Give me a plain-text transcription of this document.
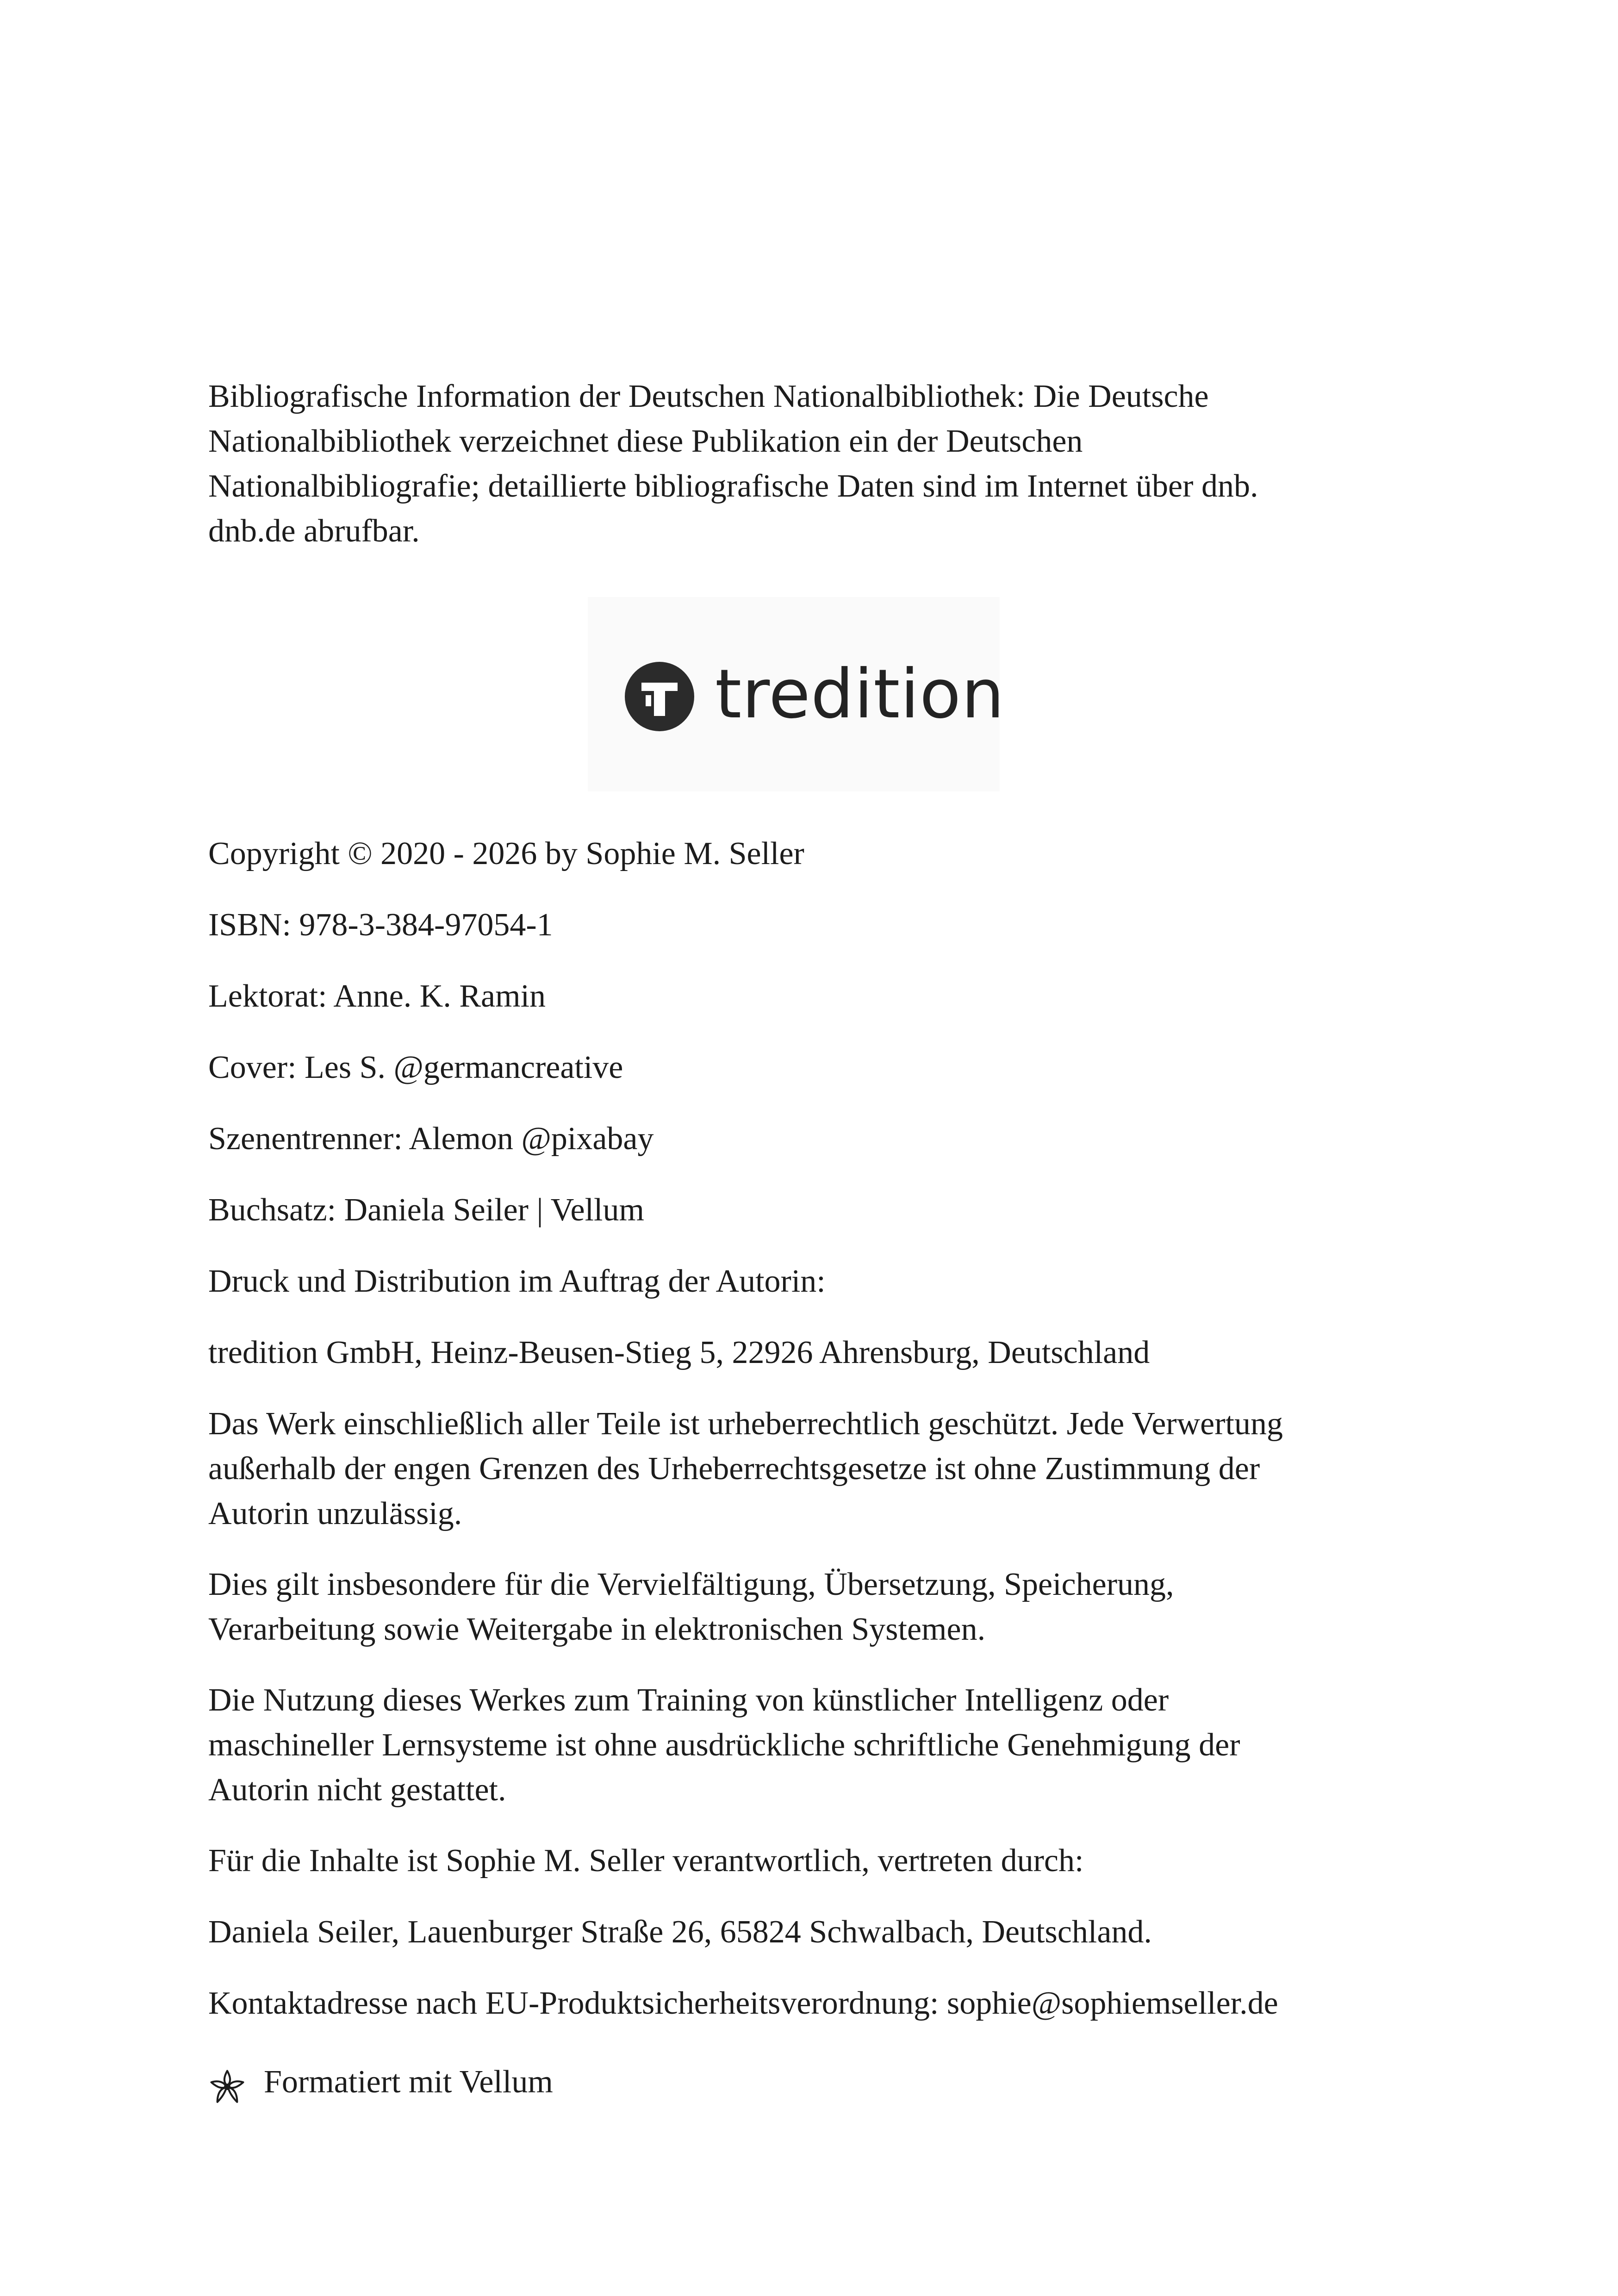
Bibliografische Information der Deutschen Nationalbibliothek: Die Deutsche
Nationalbibliothek verzeichnet diese Publikation ein der Deutschen
Nationalbibliografie; detaillierte bibliografische Daten sind im Internet über dnb.
dnb.de abrufbar.

tredition

Copyright © 2020 - 2026 by Sophie M. Seller

ISBN: 978-3-384-97054-1

Lektorat: Anne. K. Ramin

Cover: Les S. @germancreative

Szenentrenner: Alemon @pixabay

Buchsatz: Daniela Seiler | Vellum

Druck und Distribution im Auftrag der Autorin:

tredition GmbH, Heinz-Beusen-Stieg 5, 22926 Ahrensburg, Deutschland

Das Werk einschließlich aller Teile ist urheberrechtlich geschützt. Jede Verwertung
außerhalb der engen Grenzen des Urheberrechtsgesetze ist ohne Zustimmung der
Autorin unzulässig.

Dies gilt insbesondere für die Vervielfältigung, Übersetzung, Speicherung,
Verarbeitung sowie Weitergabe in elektronischen Systemen.

Die Nutzung dieses Werkes zum Training von künstlicher Intelligenz oder
maschineller Lernsysteme ist ohne ausdrückliche schriftliche Genehmigung der
Autorin nicht gestattet.

Für die Inhalte ist Sophie M. Seller verantwortlich, vertreten durch:

Daniela Seiler, Lauenburger Straße 26, 65824 Schwalbach, Deutschland.

Kontaktadresse nach EU-Produktsicherheitsverordnung: sophie@sophiemseller.de

Formatiert mit Vellum
